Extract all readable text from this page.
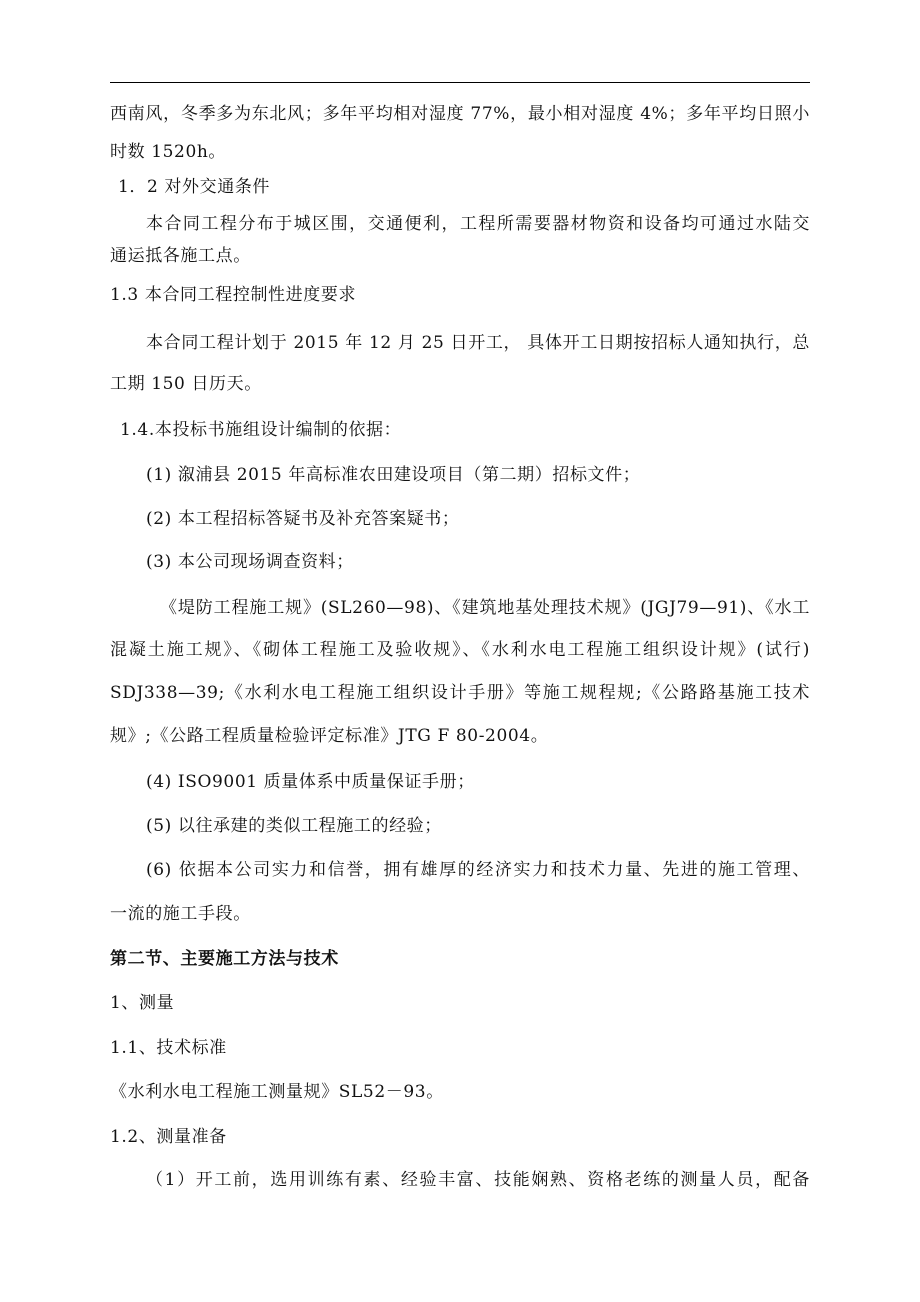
西南风，冬季多为东北风；多年平均相对湿度 77%，最小相对湿度 4%；多年平均日照小
时数 1520h。
1．2 对外交通条件
本合同工程分布于城区围，交通便利，工程所需要器材物资和设备均可通过水陆交
通运抵各施工点。
1.3 本合同工程控制性进度要求
本合同工程计划于 2015 年 12 月 25 日开工， 具体开工日期按招标人通知执行，总
工期 150 日历天。
1.4.本投标书施组设计编制的依据：
(1) 溆浦县 2015 年高标准农田建设项目（第二期）招标文件；
(2) 本工程招标答疑书及补充答案疑书；
(3) 本公司现场调查资料；
《堤防工程施工规》(SL260—98)、《建筑地基处理技术规》(JGJ79—91)、《水工
混凝土施工规》、《砌体工程施工及验收规》、《水利水电工程施工组织设计规》(试行)
SDJ338—39;《水利水电工程施工组织设计手册》等施工规程规;《公路路基施工技术
规》;《公路工程质量检验评定标准》JTG F 80-2004。
(4) ISO9001 质量体系中质量保证手册；
(5) 以往承建的类似工程施工的经验；
(6) 依据本公司实力和信誉，拥有雄厚的经济实力和技术力量、先进的施工管理、
一流的施工手段。
第二节、主要施工方法与技术
1、测量
1.1、技术标准
《水利水电工程施工测量规》SL52－93。
1.2、测量准备
（1）开工前，选用训练有素、经验丰富、技能娴熟、资格老练的测量人员，配备
